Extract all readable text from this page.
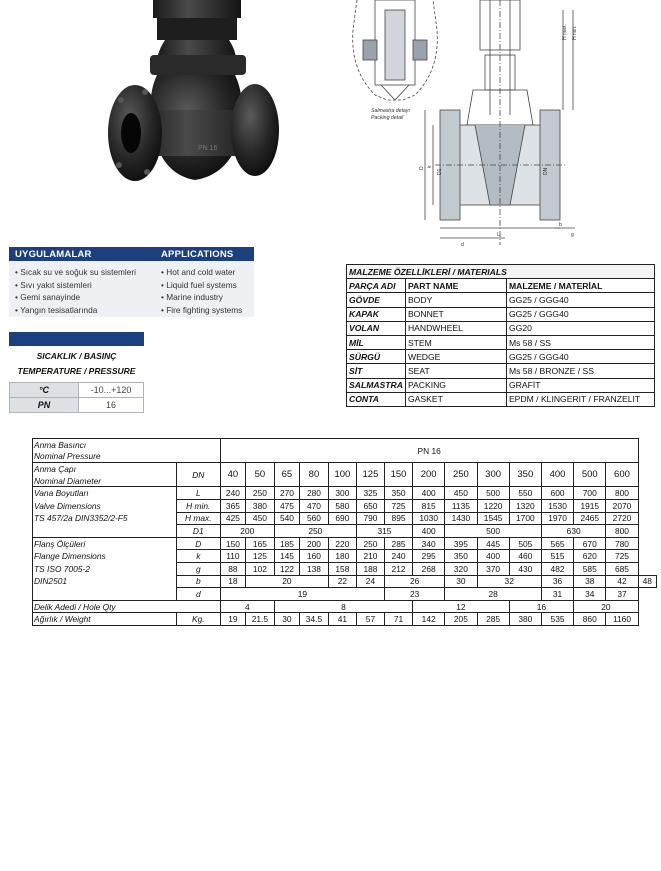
PN 16
Salmastra detayı
Packing detail
H min.
H max.
D1
D k
DN
b
L
d
g
UYGULAMALAR	APPLICATIONS
• Sıcak su ve soğuk su sistemleri
• Sıvı yakıt sistemleri
• Gemi sanayinde
• Yangın tesisatlarında
• Hot and cold water
• Liquid fuel systems
• Marine industry
• Fire fighting systems
SICAKLIK / BASINÇ
TEMPERATURE / PRESSURE
°C	-10...+120
PN	16
MALZEME ÖZELLİKLERİ / MATERIALS		
PARÇA ADI	PART NAME	MALZEME / MATERİAL
GÖVDE	BODY	GG25 / GGG40
KAPAK	BONNET	GG25 / GGG40
VOLAN	HANDWHEEL	GG20
MİL	STEM	Ms 58 / SS
SÜRGÜ	WEDGE	GG25 / GGG40
SİT	SEAT	Ms 58 / BRONZE / SS
SALMASTRA	PACKING	GRAFİT
CONTA	GASKET	EPDM / KLINGERIT / FRANZELIT
Anma Basıncı		PN 16														
Nominal Pressure																
Anma Çapı	DN	40	50	65	80	100	125	150	200	250	300	350	400	500	600	
Nominal Diameter																
Vana Boyutları	L	240	250	270	280	300	325	350	400	450	500	550	600	700	800	
Valve Dimensions	H min.	365	380	475	470	580	650	725	815	1135	1220	1320	1530	1915	2070	
TS 457/2a DIN3352/2-F5	H max.	425	450	540	560	690	790	895	1030	1430	1545	1700	1970	2465	2720	
	D1	200		250			315		400	500			630		800	
Flanş Ölçüleri	D	150	165	185	200	220	250	285	340	395	445	505	565	670	780	
Flange Dimensions	k	110	125	145	160	180	210	240	295	350	400	460	515	620	725	
TS ISO 7005-2	g	88	102	122	138	158	188	212	268	320	370	430	482	585	685	
DIN2501	b	18	20			22	24	26		30	32		36	38	42	48
	d	19						23		28			31	34	37	
Delik Adedi / Hole Qty		4		8					12			16		20		
Ağırlık / Weight	Kg.	19	21.5	30	34.5	41	57	71	142	205	285	380	535	860	1160	
